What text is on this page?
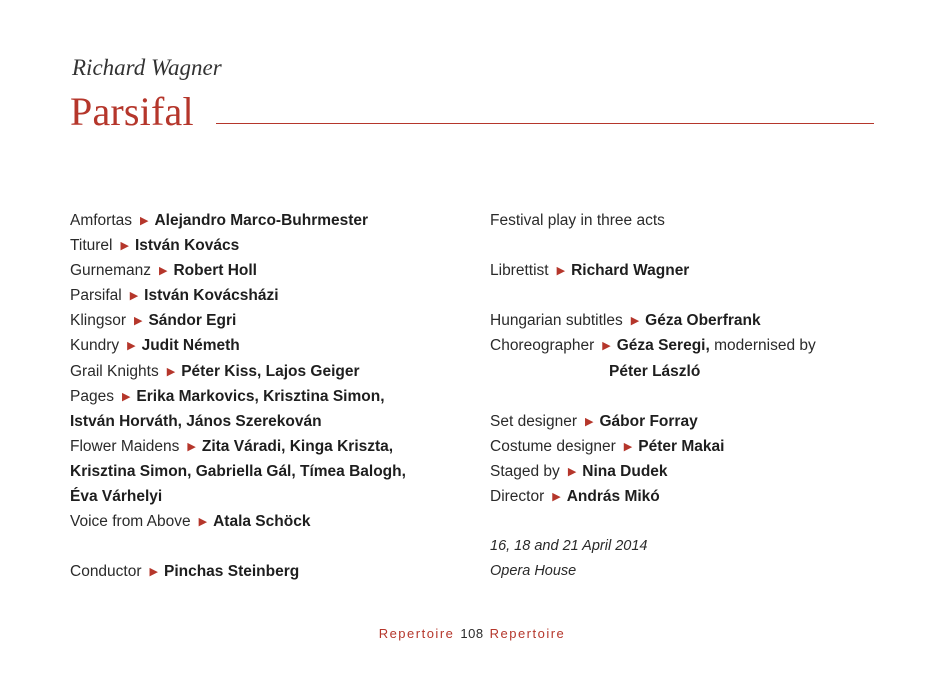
Richard Wagner
Parsifal
Amfortas ▶ Alejandro Marco-Buhrmester
Titurel ▶ István Kovács
Gurnemanz ▶ Robert Holl
Parsifal ▶ István Kovácsházi
Klingsor ▶ Sándor Egri
Kundry ▶ Judit Németh
Grail Knights ▶ Péter Kiss, Lajos Geiger
Pages ▶ Erika Markovics, Krisztina Simon,
István Horváth, János Szerekován
Flower Maidens ▶ Zita Váradi, Kinga Kriszta,
Krisztina Simon, Gabriella Gál, Tímea Balogh,
Éva Várhelyi
Voice from Above ▶ Atala Schöck
Conductor ▶ Pinchas Steinberg
Festival play in three acts
Librettist ▶ Richard Wagner
Hungarian subtitles ▶ Géza Oberfrank
Choreographer ▶ Géza Seregi, modernised by
Péter László
Set designer ▶ Gábor Forray
Costume designer ▶ Péter Makai
Staged by ▶ Nina Dudek
Director ▶ András Mikó
16, 18 and 21 April 2014
Opera House
Repertoire 108 Repertoire
